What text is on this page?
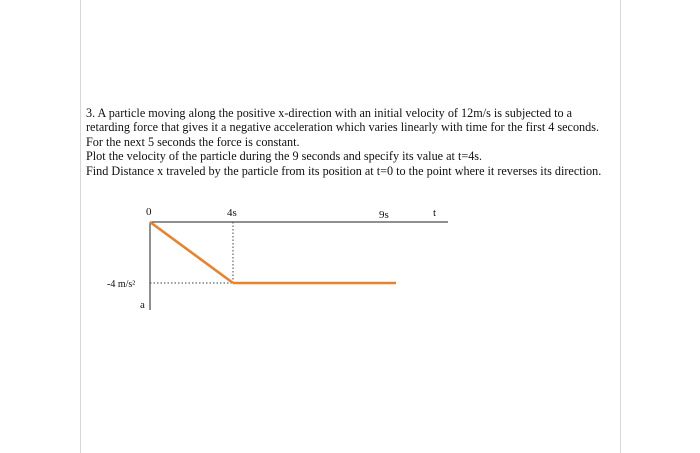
3. A particle moving along the positive x-direction with an initial velocity of 12m/s is subjected to a retarding force that gives it a negative acceleration which varies linearly with time for the first 4 seconds. For the next 5 seconds the force is constant.

Plot the velocity of the particle during the 9 seconds and specify its value at t=4s.

Find Distance x traveled by the particle from its position at t=0 to the point where it reverses its direction.

0	4s	9s	t
-4 m/s²
a
